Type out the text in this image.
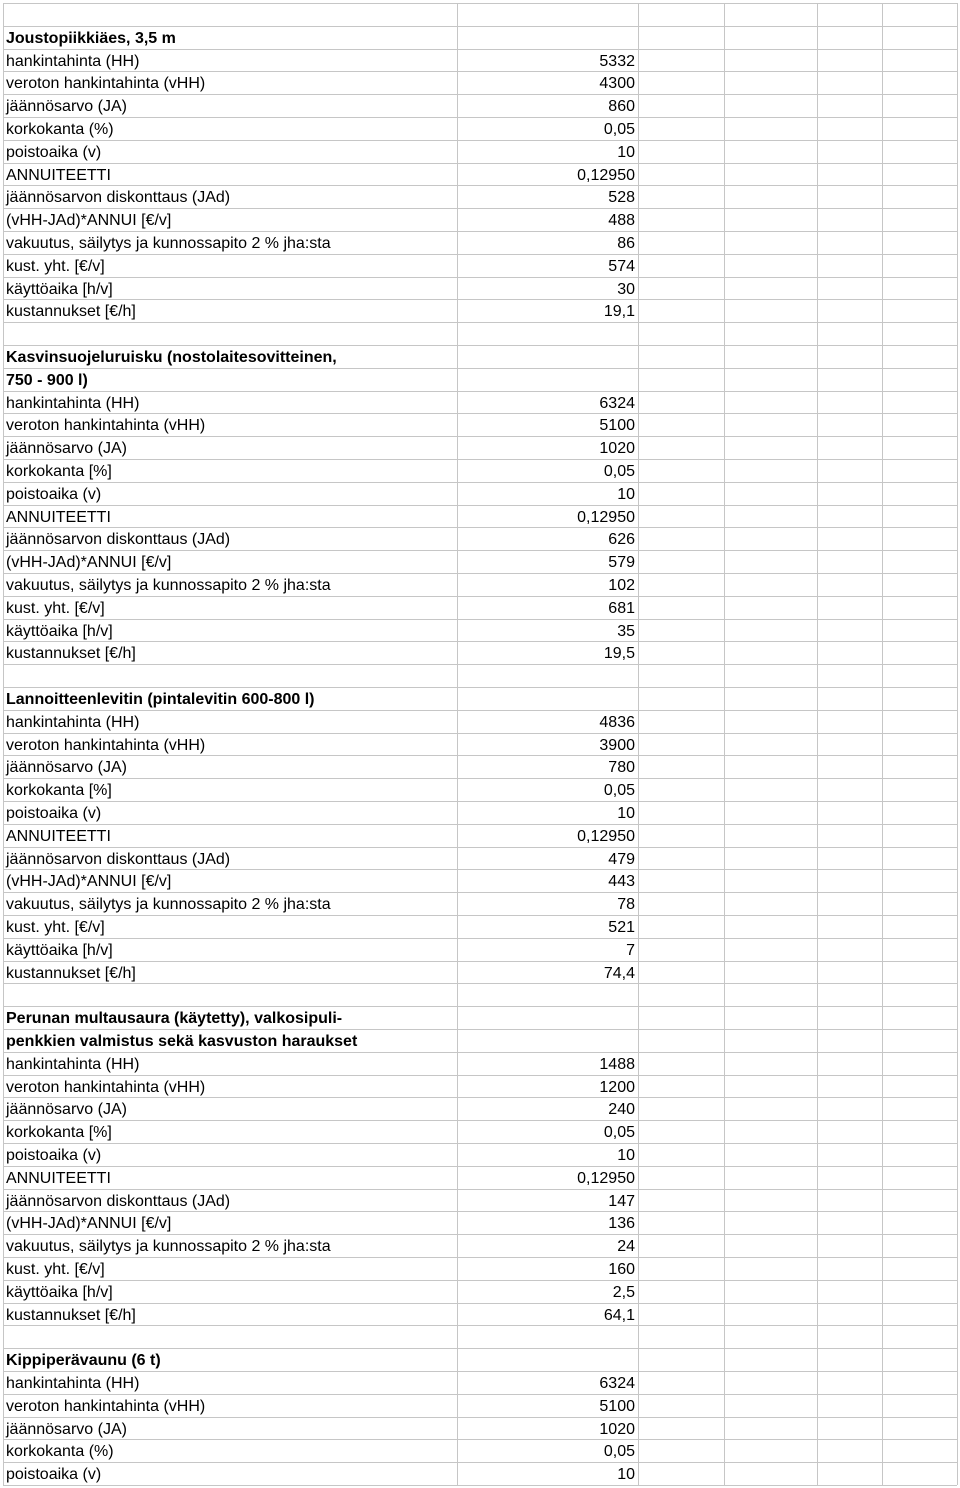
Joustopiikkiäes, 3,5 m
hankintahinta (HH)	5332
veroton hankintahinta (vHH)	4300
jäännösarvo (JA)	860
korkokanta (%)	0,05
poistoaika (v)	10
ANNUITEETTI	0,12950
jäännösarvon diskonttaus (JAd)	528
(vHH-JAd)*ANNUI [€/v]	488
vakuutus, säilytys ja kunnossapito 2 % jha:sta	86
kust. yht. [€/v]	574
käyttöaika [h/v]	30
kustannukset [€/h]	19,1
Kasvinsuojeluruisku (nostolaitesovitteinen,
750 - 900 l)
hankintahinta (HH)	6324
veroton hankintahinta (vHH)	5100
jäännösarvo (JA)	1020
korkokanta [%]	0,05
poistoaika (v)	10
ANNUITEETTI	0,12950
jäännösarvon diskonttaus (JAd)	626
(vHH-JAd)*ANNUI [€/v]	579
vakuutus, säilytys ja kunnossapito 2 % jha:sta	102
kust. yht. [€/v]	681
käyttöaika [h/v]	35
kustannukset [€/h]	19,5
Lannoitteenlevitin (pintalevitin 600-800 l)
hankintahinta (HH)	4836
veroton hankintahinta (vHH)	3900
jäännösarvo (JA)	780
korkokanta [%]	0,05
poistoaika (v)	10
ANNUITEETTI	0,12950
jäännösarvon diskonttaus (JAd)	479
(vHH-JAd)*ANNUI [€/v]	443
vakuutus, säilytys ja kunnossapito 2 % jha:sta	78
kust. yht. [€/v]	521
käyttöaika [h/v]	7
kustannukset [€/h]	74,4
Perunan multausaura (käytetty), valkosipuli-
penkkien valmistus sekä kasvuston haraukset
hankintahinta (HH)	1488
veroton hankintahinta (vHH)	1200
jäännösarvo (JA)	240
korkokanta [%]	0,05
poistoaika (v)	10
ANNUITEETTI	0,12950
jäännösarvon diskonttaus (JAd)	147
(vHH-JAd)*ANNUI [€/v]	136
vakuutus, säilytys ja kunnossapito 2 % jha:sta	24
kust. yht. [€/v]	160
käyttöaika [h/v]	2,5
kustannukset [€/h]	64,1
Kippiperävaunu (6 t)
hankintahinta (HH)	6324
veroton hankintahinta (vHH)	5100
jäännösarvo (JA)	1020
korkokanta (%)	0,05
poistoaika (v)	10
